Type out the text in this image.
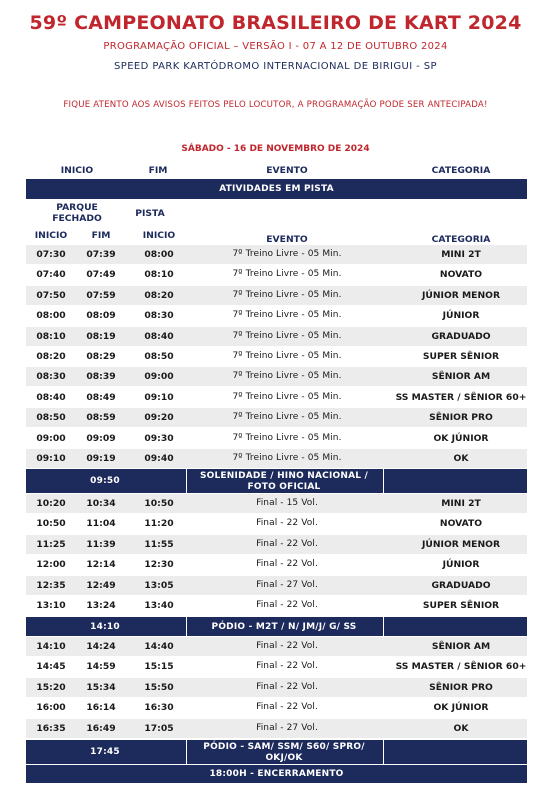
59º CAMPEONATO BRASILEIRO DE KART 2024
PROGRAMAÇÃO OFICIAL – VERSÃO I - 07 A 12 DE OUTUBRO 2024
SPEED PARK KARTÓDROMO INTERNACIONAL DE BIRIGUI - SP
FIQUE ATENTO AOS AVISOS FEITOS PELO LOCUTOR, A PROGRAMAÇÃO PODE SER ANTECIPADA!
SÁBADO - 16 DE NOVEMBRO DE 2024
INICIO	FIM	EVENTO	CATEGORIA
ATIVIDADES EM PISTA
PARQUE
FECHADO	PISTA
INICIO	FIM	INICIO	EVENTO	CATEGORIA
07:30 07:39	08:00	7º Treino Livre - 05 Min.	MINI 2T
07:40 07:49	08:10	7º Treino Livre - 05 Min.	NOVATO
07:50 07:59	08:20	7º Treino Livre - 05 Min.	JÚNIOR MENOR
08:00 08:09	08:30	7º Treino Livre - 05 Min.	JÚNIOR
08:10 08:19	08:40	7º Treino Livre - 05 Min.	GRADUADO
08:20 08:29	08:50	7º Treino Livre - 05 Min.	SUPER SÊNIOR
08:30 08:39	09:00	7º Treino Livre - 05 Min.	SÊNIOR AM
08:40 08:49	09:10	7º Treino Livre - 05 Min.	SS MASTER / SÊNIOR 60+
08:50 08:59	09:20	7º Treino Livre - 05 Min.	SÊNIOR PRO
09:00 09:09	09:30	7º Treino Livre - 05 Min.	OK JÚNIOR
09:10 09:19	09:40	7º Treino Livre - 05 Min.	OK
09:50	SOLENIDADE / HINO NACIONAL /
FOTO OFICIAL
10:20 10:34	10:50	Final - 15 Vol.	MINI 2T
10:50 11:04	11:20	Final - 22 Vol.	NOVATO
11:25 11:39	11:55	Final - 22 Vol.	JÚNIOR MENOR
12:00 12:14	12:30	Final - 22 Vol.	JÚNIOR
12:35 12:49	13:05	Final - 27 Vol.	GRADUADO
13:10 13:24	13:40	Final - 22 Vol.	SUPER SÊNIOR
14:10	PÓDIO - M2T / N/ JM/J/ G/ SS
14:10 14:24	14:40	Final - 22 Vol.	SÊNIOR AM
14:45 14:59	15:15	Final - 22 Vol.	SS MASTER / SÊNIOR 60+
15:20 15:34	15:50	Final - 22 Vol.	SÊNIOR PRO
16:00 16:14	16:30	Final - 22 Vol.	OK JÚNIOR
16:35 16:49	17:05	Final - 27 Vol.	OK
17:45	PÓDIO - SAM/ SSM/ S60/ SPRO/
OKJ/OK
18:00H - ENCERRAMENTO
